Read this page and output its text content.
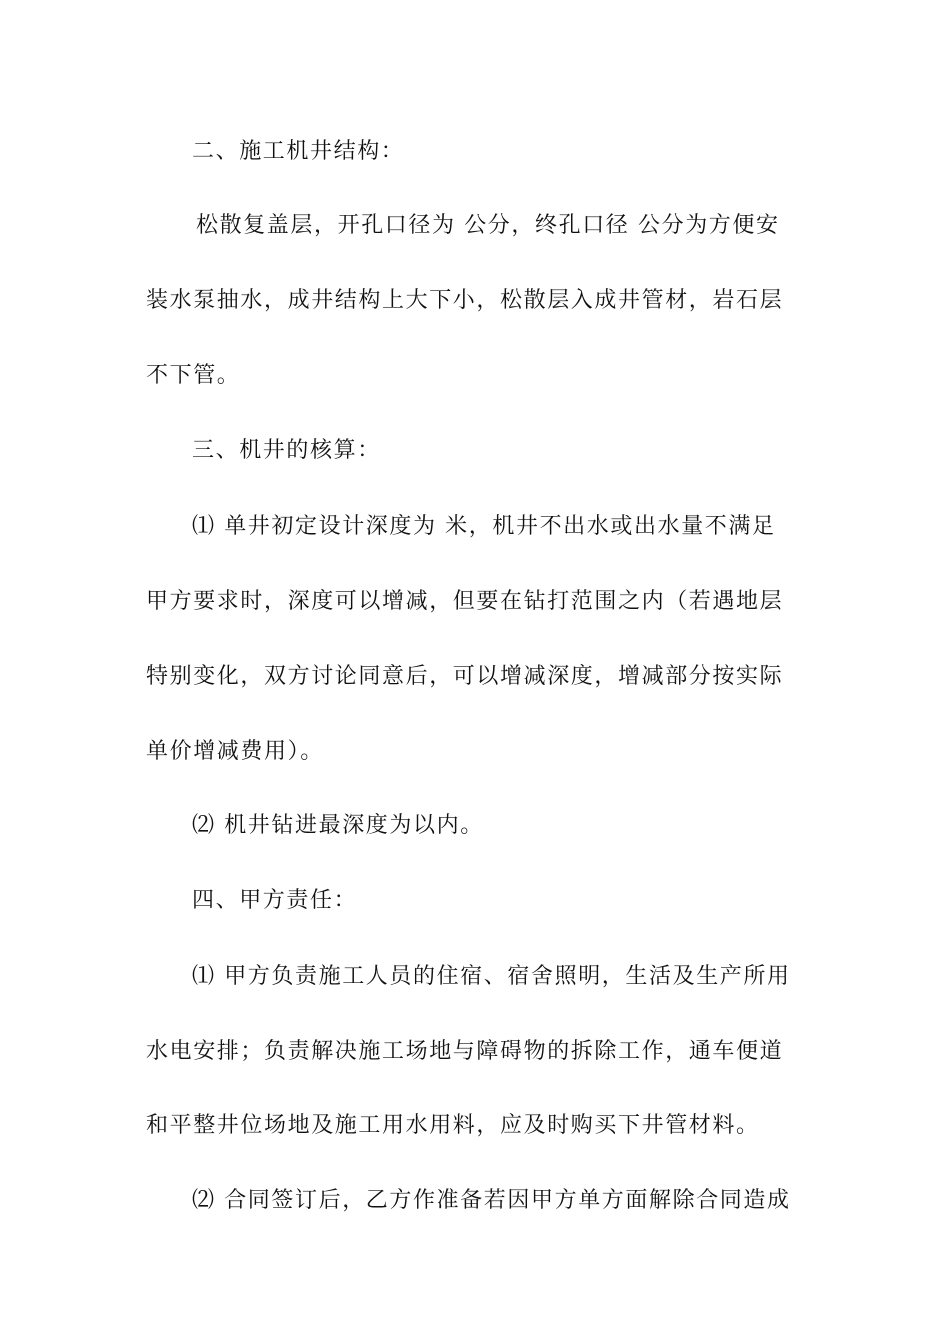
二、施工机井结构：
松散复盖层，开孔口径为 公分，终孔口径 公分为方便安
装水泵抽水，成井结构上大下小，松散层入成井管材，岩石层
不下管。
三、机井的核算：
⑴ 单井初定设计深度为 米，机井不出水或出水量不满足
甲方要求时，深度可以增减，但要在钻打范围之内（若遇地层
特别变化，双方讨论同意后，可以增减深度，增减部分按实际
单价增减费用）。
⑵ 机井钻进最深度为以内。
四、甲方责任：
⑴ 甲方负责施工人员的住宿、宿舍照明，生活及生产所用
水电安排；负责解决施工场地与障碍物的拆除工作，通车便道
和平整井位场地及施工用水用料，应及时购买下井管材料。
⑵ 合同签订后，乙方作准备若因甲方单方面解除合同造成
